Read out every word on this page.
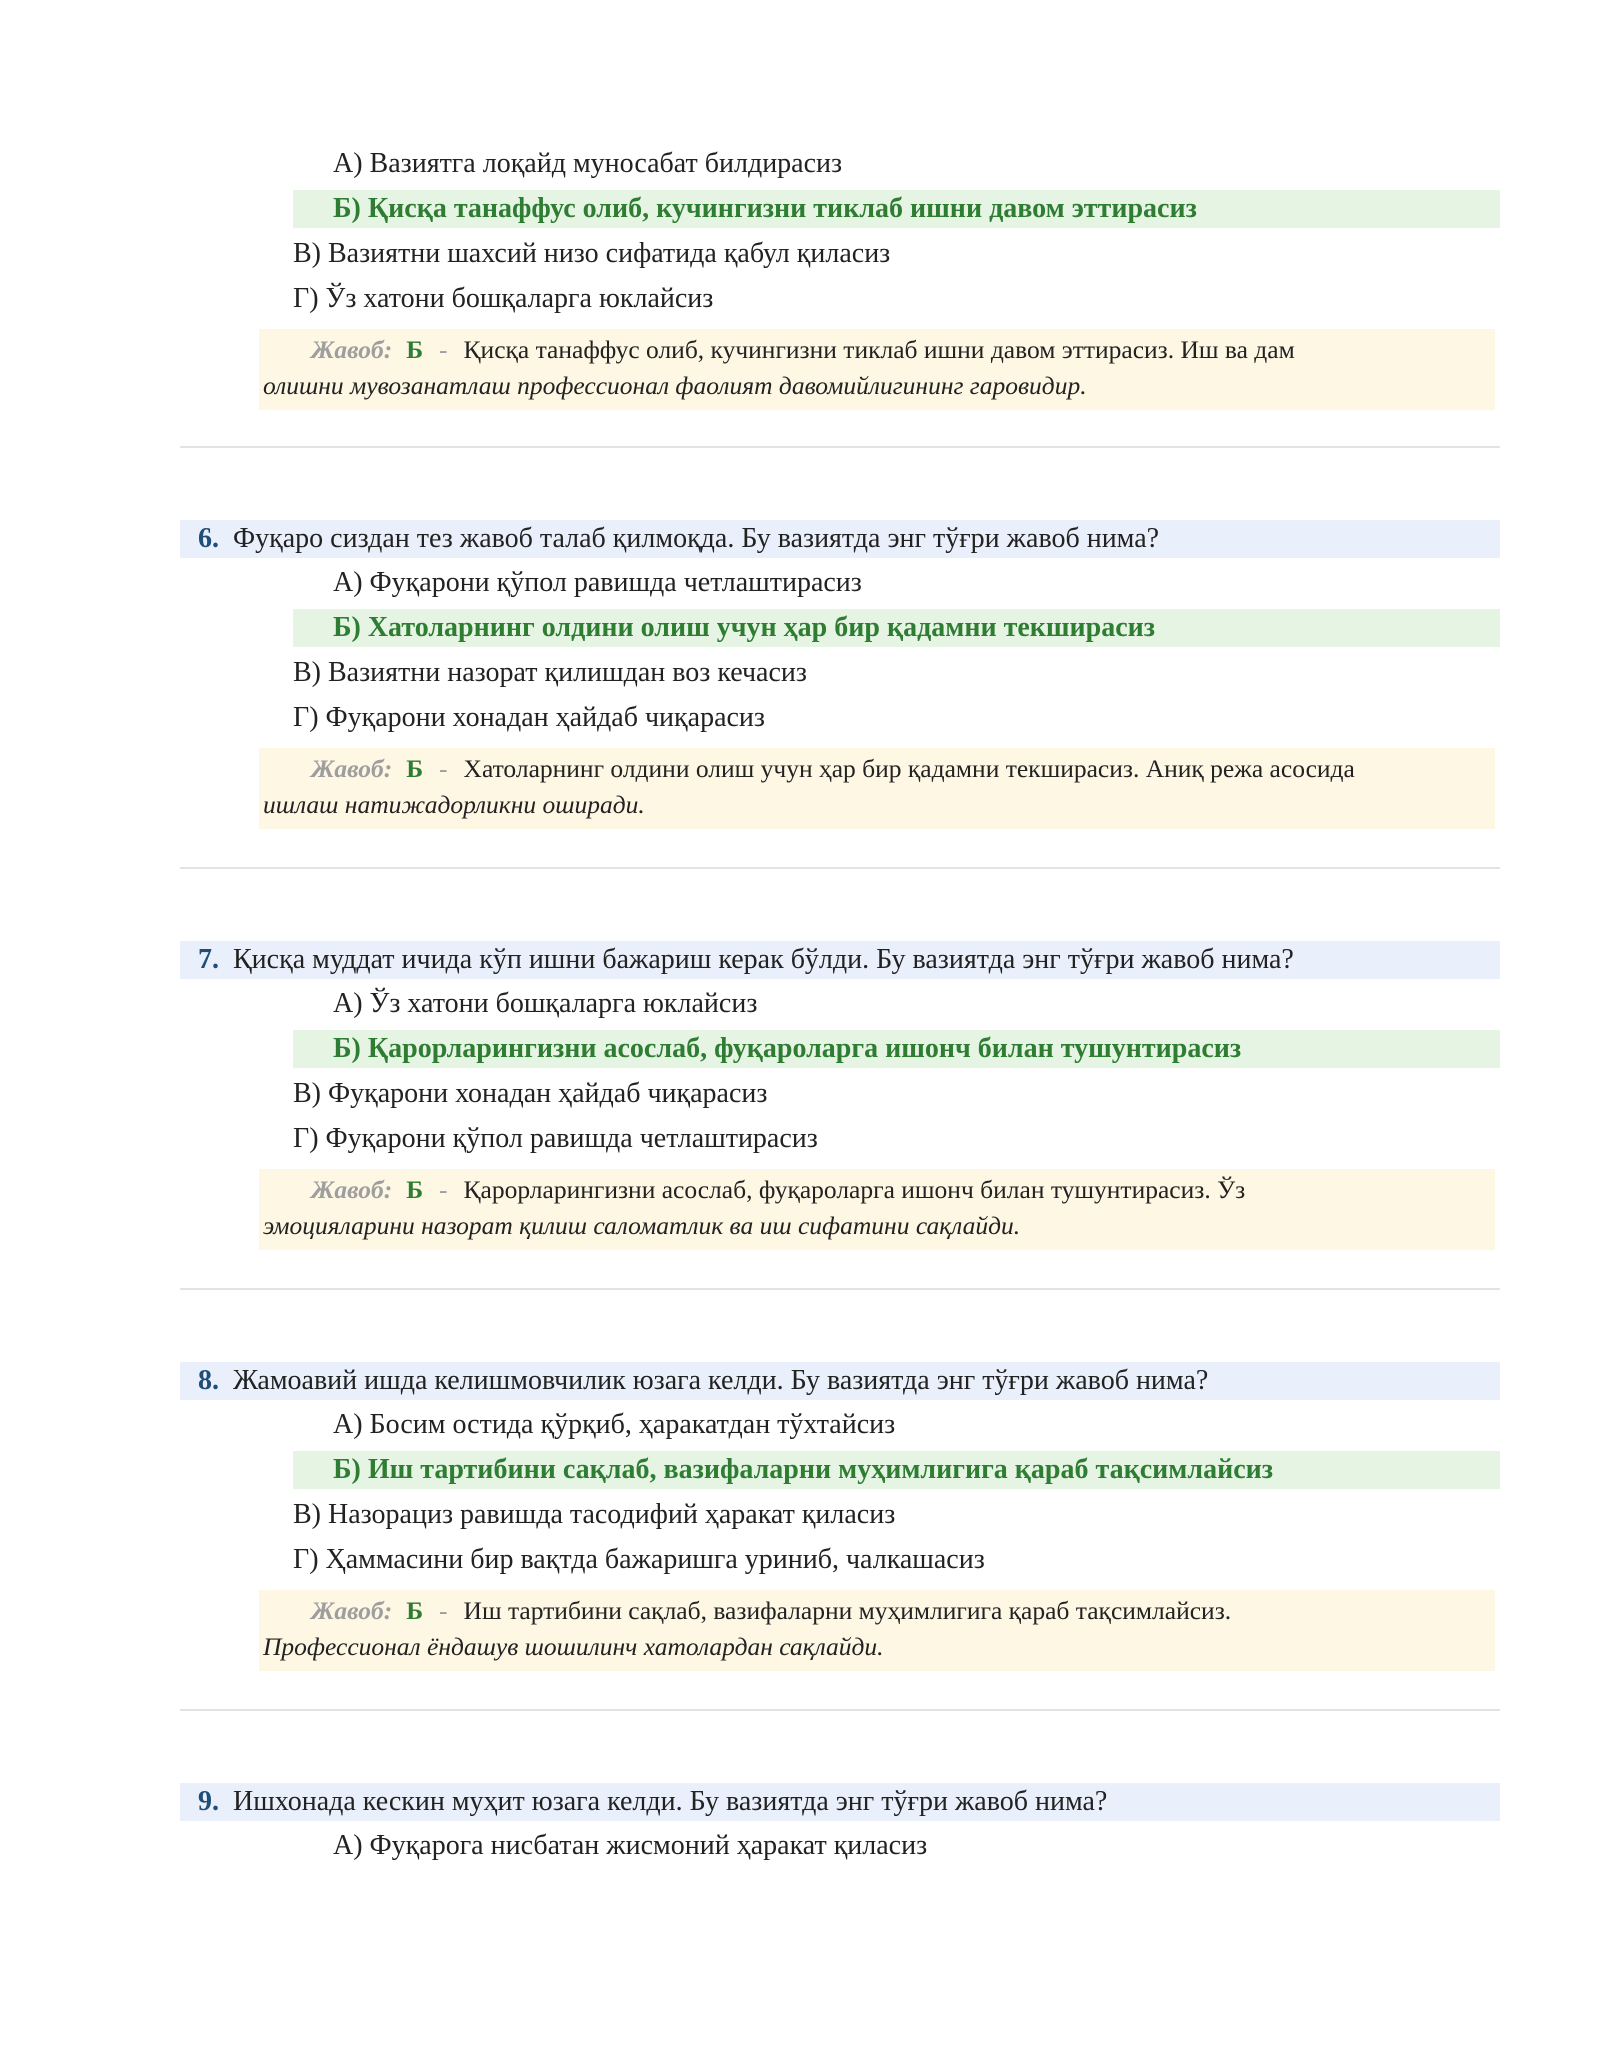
А) Вазиятга лоқайд муносабат билдирасиз
Б) Қисқа танаффус олиб, кучингизни тиклаб ишни давом эттирасиз
В) Вазиятни шахсий низо сифатида қабул қиласиз
Г) Ўз хатони бошқаларга юклайсиз
Жавоб: Б - Қисқа танаффус олиб, кучингизни тиклаб ишни давом эттирасиз. Иш ва дам
олишни мувозанатлаш профессионал фаолият давомийлигининг гаровидир.
6. Фуқаро сиздан тез жавоб талаб қилмоқда. Бу вазиятда энг тўғри жавоб нима?
А) Фуқарони қўпол равишда четлаштирасиз
Б) Хатоларнинг олдини олиш учун ҳар бир қадамни текширасиз
В) Вазиятни назорат қилишдан воз кечасиз
Г) Фуқарони хонадан ҳайдаб чиқарасиз
Жавоб: Б - Хатоларнинг олдини олиш учун ҳар бир қадамни текширасиз. Аниқ режа асосида
ишлаш натижадорликни оширади.
7. Қисқа муддат ичида кўп ишни бажариш керак бўлди. Бу вазиятда энг тўғри жавоб нима?
А) Ўз хатони бошқаларга юклайсиз
Б) Қарорларингизни асослаб, фуқароларга ишонч билан тушунтирасиз
В) Фуқарони хонадан ҳайдаб чиқарасиз
Г) Фуқарони қўпол равишда четлаштирасиз
Жавоб: Б - Қарорларингизни асослаб, фуқароларга ишонч билан тушунтирасиз. Ўз
эмоцияларини назорат қилиш саломатлик ва иш сифатини сақлайди.
8. Жамоавий ишда келишмовчилик юзага келди. Бу вазиятда энг тўғри жавоб нима?
А) Босим остида қўрқиб, ҳаракатдан тўхтайсиз
Б) Иш тартибини сақлаб, вазифаларни муҳимлигига қараб тақсимлайсиз
В) Назорациз равишда тасодифий ҳаракат қиласиз
Г) Ҳаммасини бир вақтда бажаришга уриниб, чалкашасиз
Жавоб: Б - Иш тартибини сақлаб, вазифаларни муҳимлигига қараб тақсимлайсиз.
Профессионал ёндашув шошилинч хатолардан сақлайди.
9. Ишхонада кескин муҳит юзага келди. Бу вазиятда энг тўғри жавоб нима?
А) Фуқарога нисбатан жисмоний ҳаракат қиласиз
